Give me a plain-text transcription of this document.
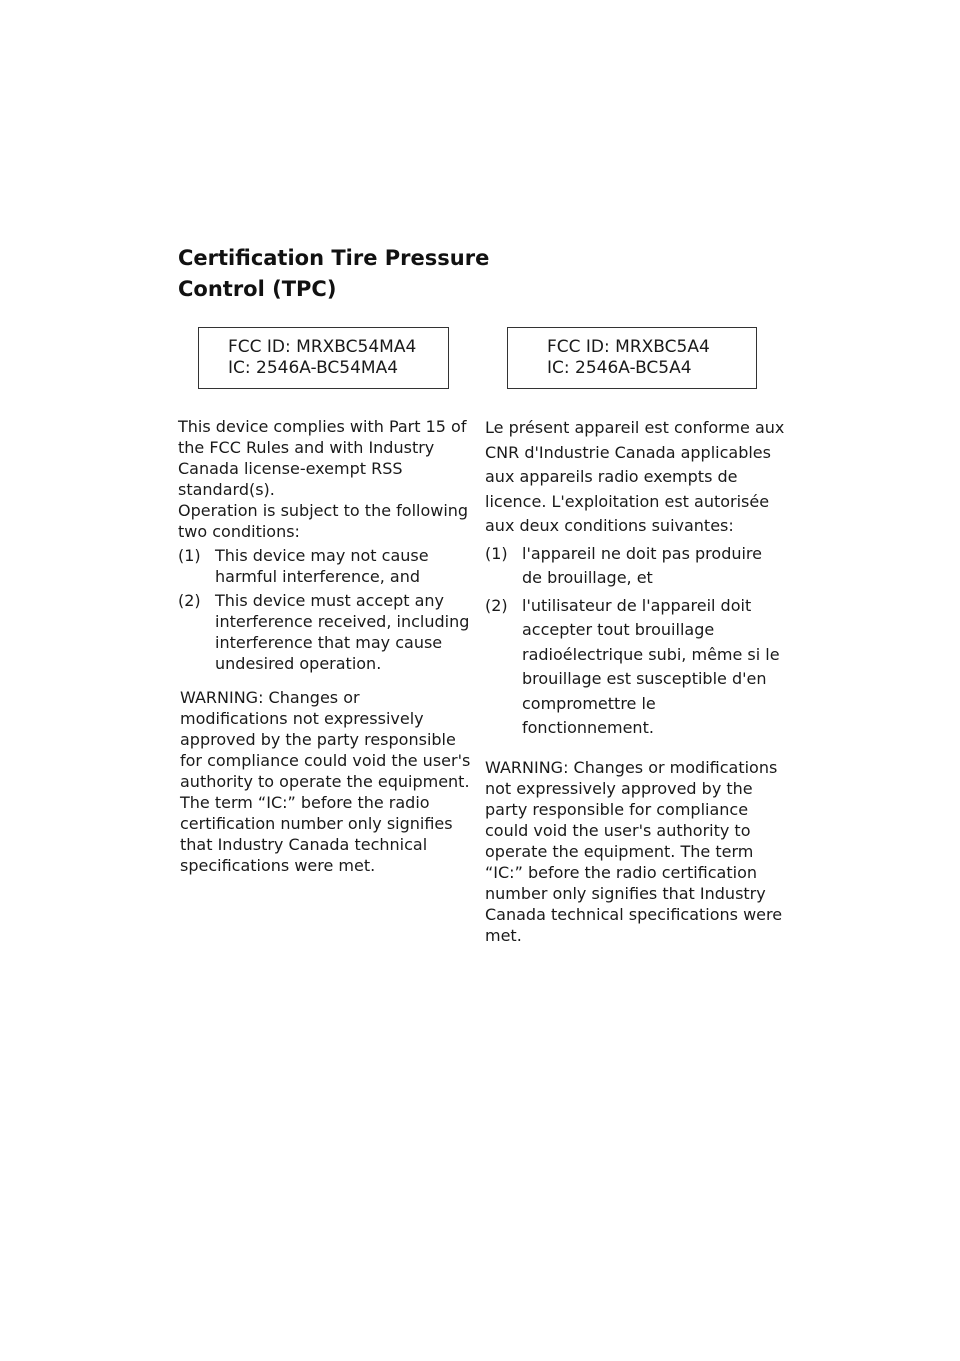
Certification Tire Pressure Control (TPC)
FCC ID: MRXBC54MA4
IC: 2546A-BC54MA4
FCC ID: MRXBC5A4
IC: 2546A-BC5A4

This device complies with Part 15 of the FCC Rules and with Industry Canada license-exempt RSS standard(s).

Operation is subject to the following two conditions:

(1) This device may not cause harmful interference, and
(2) This device must accept any interference received, including interference that may cause undesired operation.

WARNING: Changes or modifications not expressively approved by the party responsible for compliance could void the user's authority to operate the equipment. The term “IC:” before the radio certification number only signifies that Industry Canada technical specifications were met.

Le présent appareil est conforme aux CNR d'Industrie Canada applicables aux appareils radio exempts de licence. L'exploitation est autorisée aux deux conditions suivantes:

(1) l'appareil ne doit pas produire de brouillage, et
(2) l'utilisateur de l'appareil doit accepter tout brouillage radioélectrique subi, même si le brouillage est susceptible d'en compromettre le fonctionnement.

WARNING: Changes or modifications not expressively approved by the party responsible for compliance could void the user's authority to operate the equipment. The term “IC:” before the radio certification number only signifies that Industry Canada technical specifications were met.
